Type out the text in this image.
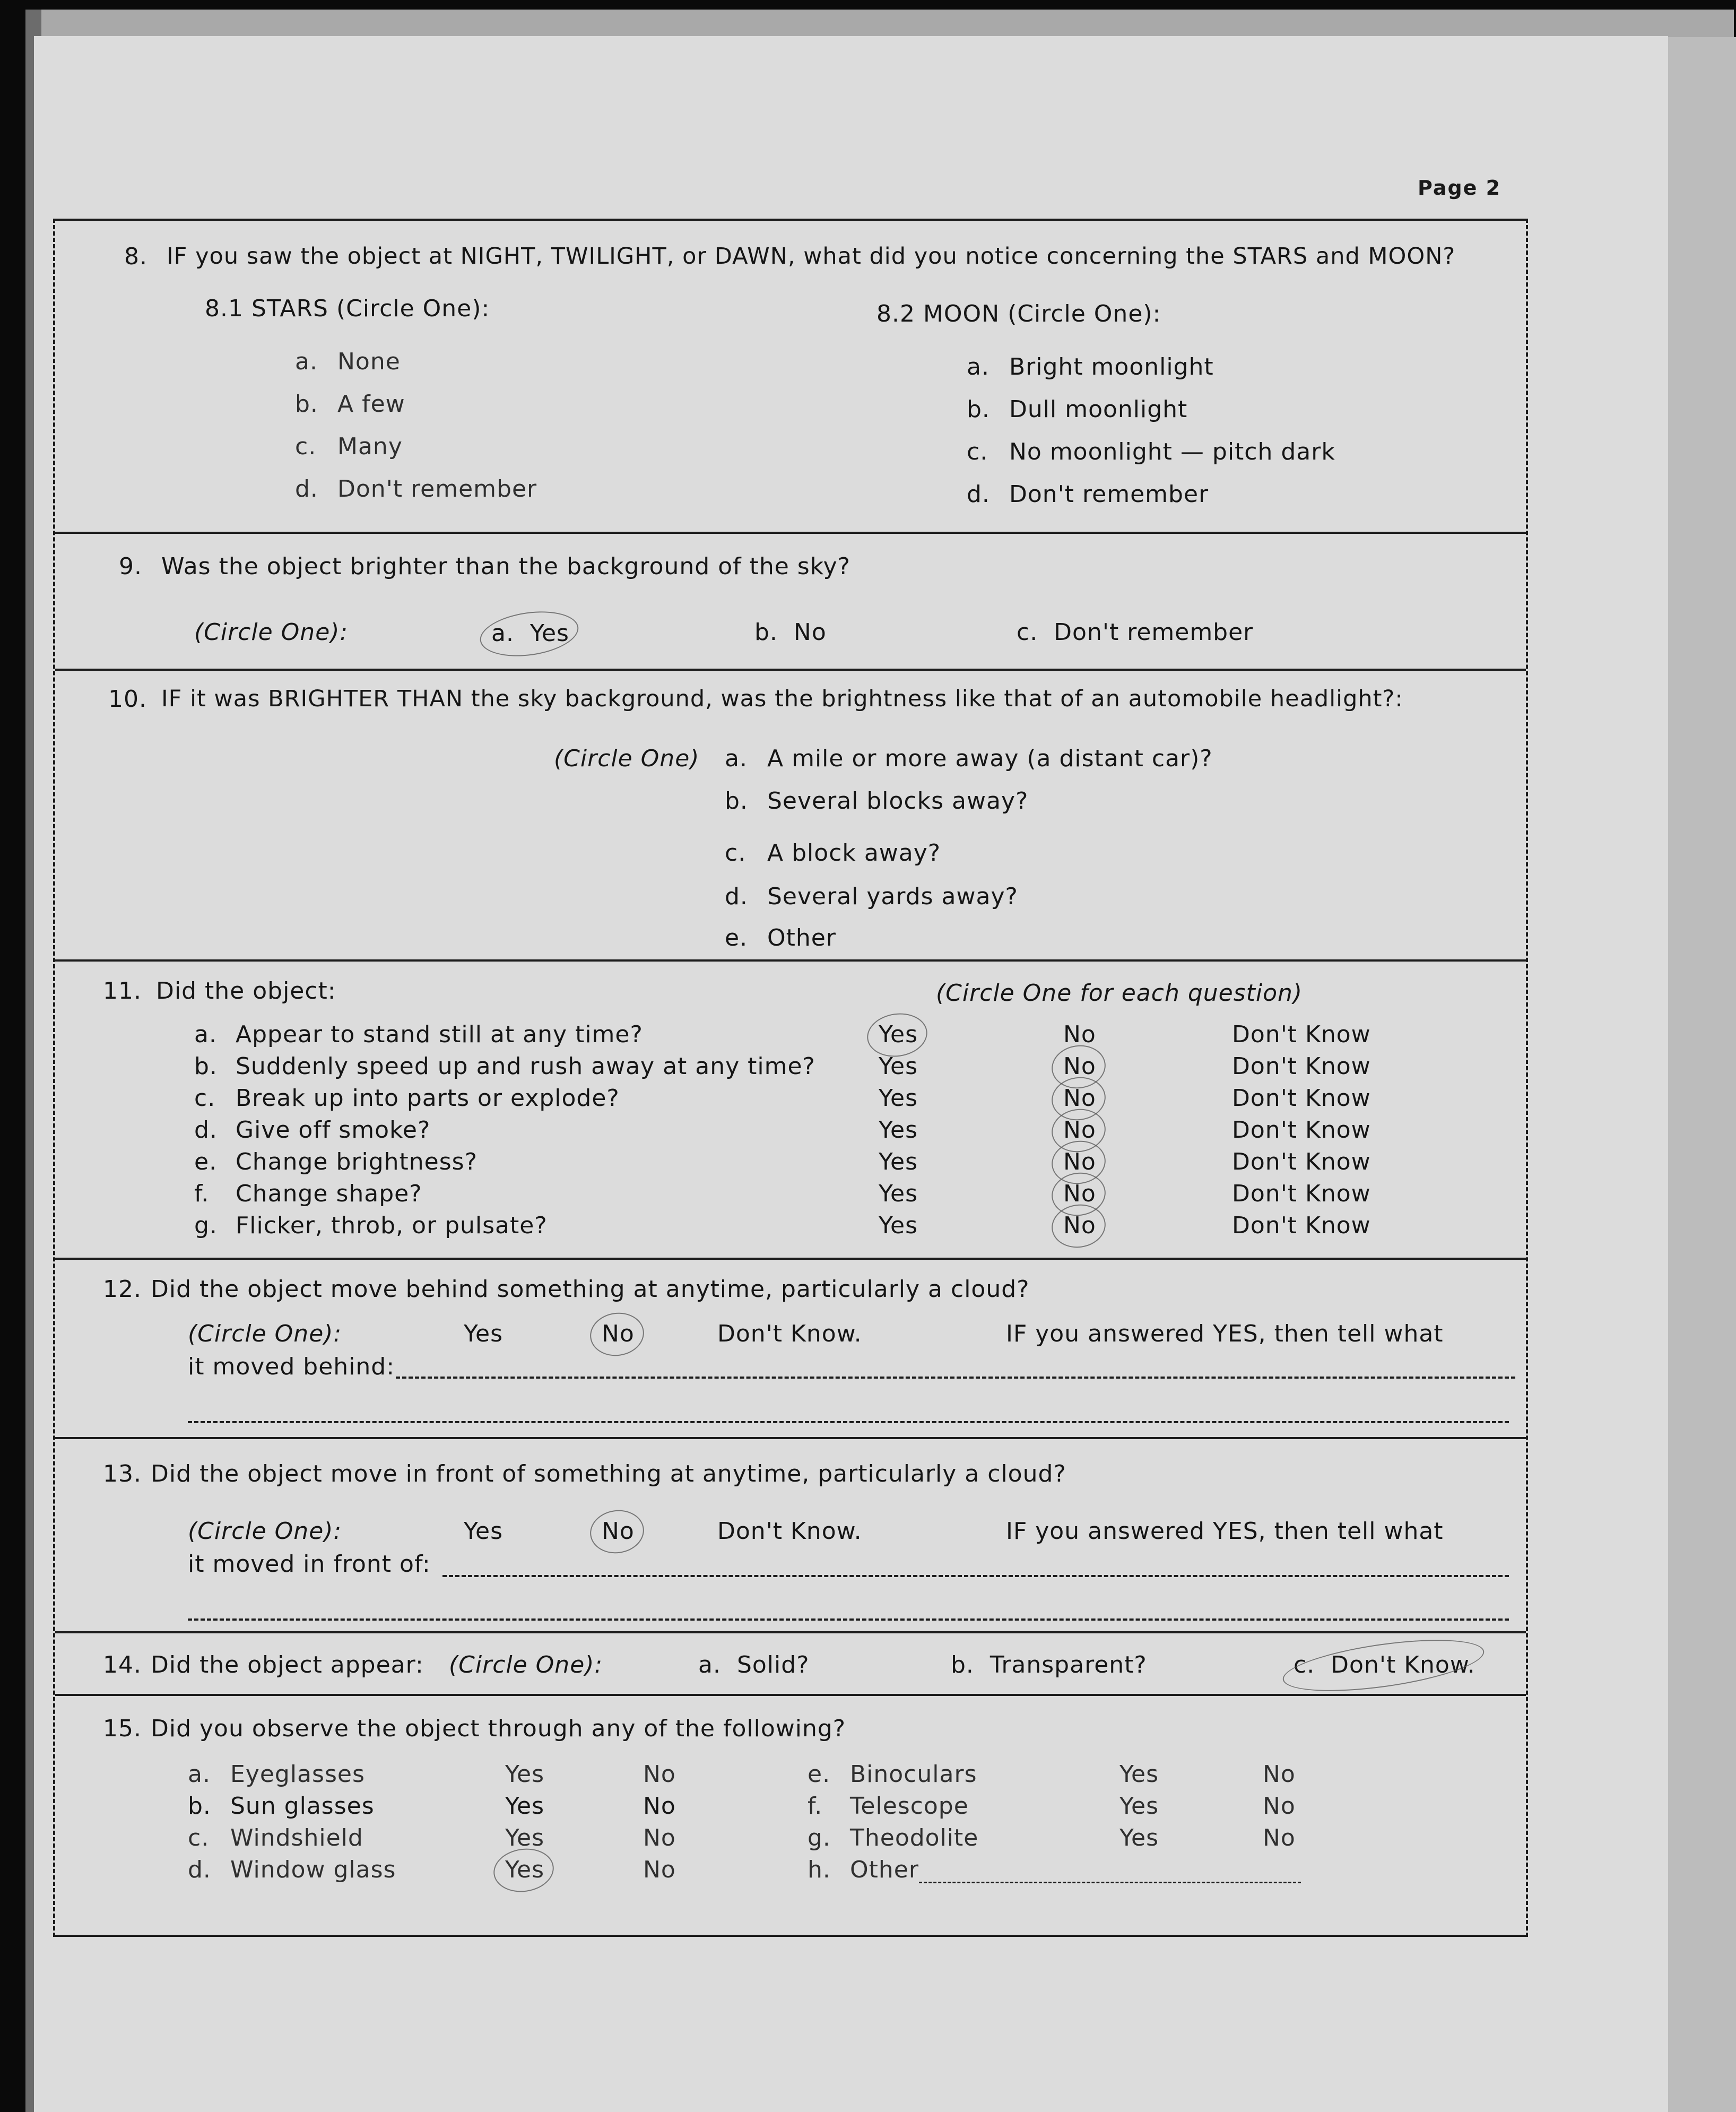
Page 2
8. IF you saw the object at NIGHT, TWILIGHT, or DAWN, what did you notice concerning the STARS and MOON?
8.1 STARS (Circle One):
a. None
b. A few
c. Many
d. Don't remember
8.2 MOON (Circle One):
a. Bright moonlight
b. Dull moonlight
c. No moonlight — pitch dark
d. Don't remember
9. Was the object brighter than the background of the sky?
(Circle One):	a. Yes	b. No	c. Don't remember
10. IF it was BRIGHTER THAN the sky background, was the brightness like that of an automobile headlight?:
(Circle One) a. A mile or more away (a distant car)?
b. Several blocks away?
c. A block away?
d. Several yards away?
e. Other
11. Did the object:	(Circle One for each question)
a. Appear to stand still at any time?	Yes	No	Don't Know
b. Suddenly speed up and rush away at any time?	Yes	No	Don't Know
c. Break up into parts or explode?	Yes	No	Don't Know
d. Give off smoke?	Yes	No	Don't Know
e. Change brightness?	Yes	No	Don't Know
f. Change shape?	Yes	No	Don't Know
g. Flicker, throb, or pulsate?	Yes	No	Don't Know
12. Did the object move behind something at anytime, particularly a cloud?
(Circle One):	Yes	No	Don't Know.	IF you answered YES, then tell what
it moved behind:
13. Did the object move in front of something at anytime, particularly a cloud?
(Circle One):	Yes	No	Don't Know.	IF you answered YES, then tell what
it moved in front of:
14. Did the object appear: (Circle One):	a. Solid?	b. Transparent?	c. Don't Know.
15. Did you observe the object through any of the following?
a. Eyeglasses	Yes	No
b. Sun glasses	Yes	No
c. Windshield	Yes	No
d. Window glass	Yes	No
e. Binoculars	Yes	No
f. Telescope	Yes	No
g. Theodolite	Yes	No
h. Other
